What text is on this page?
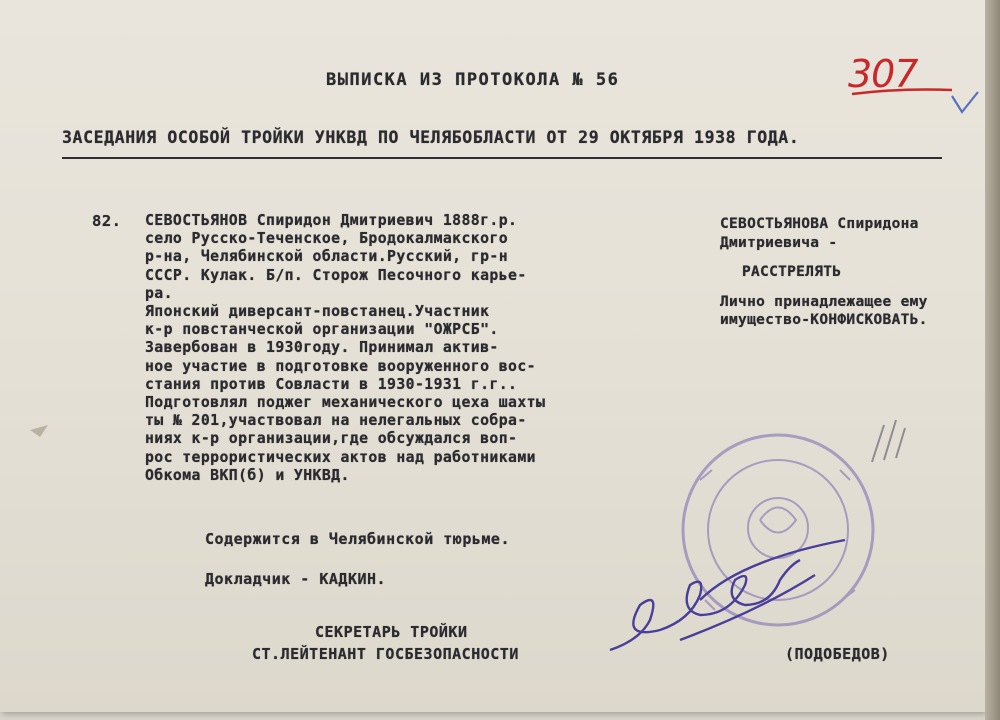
ВЫПИСКА ИЗ ПРОТОКОЛА № 56
ЗАСЕДАНИЯ ОСОБОЙ ТРОЙКИ УНКВД ПО ЧЕЛЯБОБЛАСТИ ОТ 29 ОКТЯБРЯ 1938 ГОДА.
307
82. СЕВОСТЬЯНОВ Спиридон Дмитриевич 1888г.р.
село Русско-Теченское, Бродокалмакского
р-на, Челябинской области.Русский, гр-н
СССР. Кулак. Б/п. Сторож Песочного карье-
ра.
Японский диверсант-повстанец.Участник
к-р повстанческой организации "ОЖРСБ".
Завербован в 1930году. Принимал актив-
ное участие в подготовке вооруженного вос-
стания против Совласти в 1930-1931 г.г..
Подготовлял поджег механического цеха шахты
ты № 201,участвовал на нелегальных собра-
ниях к-р организации,где обсуждался воп-
рос террористических актов над работниками
Обкома ВКП(б) и УНКВД.
Содержится в Челябинской тюрьме.
Докладчик - КАДКИН.
СЕВОСТЬЯНОВА Спиридона
Дмитриевича -
РАССТРЕЛЯТЬ
Лично принадлежащее ему
имущество-КОНФИСКОВАТЬ.
СЕКРЕТАРЬ ТРОЙКИ
СТ.ЛЕЙТЕНАНТ ГОСБЕЗОПАСНОСТИ	(ПОДОБЕДОВ)
